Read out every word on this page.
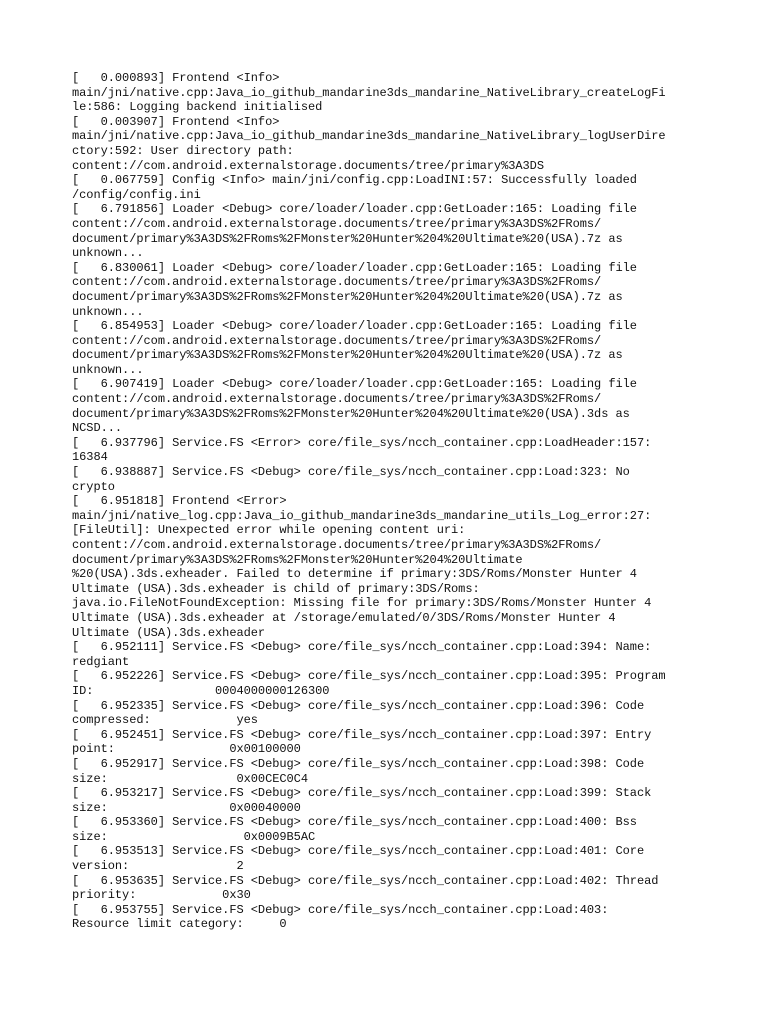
[   0.000893] Frontend <Info>
main/jni/native.cpp:Java_io_github_mandarine3ds_mandarine_NativeLibrary_createLogFi
le:586: Logging backend initialised
[   0.003907] Frontend <Info>
main/jni/native.cpp:Java_io_github_mandarine3ds_mandarine_NativeLibrary_logUserDire
ctory:592: User directory path:
content://com.android.externalstorage.documents/tree/primary%3A3DS
[   0.067759] Config <Info> main/jni/config.cpp:LoadINI:57: Successfully loaded
/config/config.ini
[   6.791856] Loader <Debug> core/loader/loader.cpp:GetLoader:165: Loading file
content://com.android.externalstorage.documents/tree/primary%3A3DS%2FRoms/
document/primary%3A3DS%2FRoms%2FMonster%20Hunter%204%20Ultimate%20(USA).7z as
unknown...
[   6.830061] Loader <Debug> core/loader/loader.cpp:GetLoader:165: Loading file
content://com.android.externalstorage.documents/tree/primary%3A3DS%2FRoms/
document/primary%3A3DS%2FRoms%2FMonster%20Hunter%204%20Ultimate%20(USA).7z as
unknown...
[   6.854953] Loader <Debug> core/loader/loader.cpp:GetLoader:165: Loading file
content://com.android.externalstorage.documents/tree/primary%3A3DS%2FRoms/
document/primary%3A3DS%2FRoms%2FMonster%20Hunter%204%20Ultimate%20(USA).7z as
unknown...
[   6.907419] Loader <Debug> core/loader/loader.cpp:GetLoader:165: Loading file
content://com.android.externalstorage.documents/tree/primary%3A3DS%2FRoms/
document/primary%3A3DS%2FRoms%2FMonster%20Hunter%204%20Ultimate%20(USA).3ds as
NCSD...
[   6.937796] Service.FS <Error> core/file_sys/ncch_container.cpp:LoadHeader:157:
16384
[   6.938887] Service.FS <Debug> core/file_sys/ncch_container.cpp:Load:323: No
crypto
[   6.951818] Frontend <Error>
main/jni/native_log.cpp:Java_io_github_mandarine3ds_mandarine_utils_Log_error:27:
[FileUtil]: Unexpected error while opening content uri:
content://com.android.externalstorage.documents/tree/primary%3A3DS%2FRoms/
document/primary%3A3DS%2FRoms%2FMonster%20Hunter%204%20Ultimate
%20(USA).3ds.exheader. Failed to determine if primary:3DS/Roms/Monster Hunter 4
Ultimate (USA).3ds.exheader is child of primary:3DS/Roms:
java.io.FileNotFoundException: Missing file for primary:3DS/Roms/Monster Hunter 4
Ultimate (USA).3ds.exheader at /storage/emulated/0/3DS/Roms/Monster Hunter 4
Ultimate (USA).3ds.exheader
[   6.952111] Service.FS <Debug> core/file_sys/ncch_container.cpp:Load:394: Name:
redgiant
[   6.952226] Service.FS <Debug> core/file_sys/ncch_container.cpp:Load:395: Program
ID:                 0004000000126300
[   6.952335] Service.FS <Debug> core/file_sys/ncch_container.cpp:Load:396: Code
compressed:            yes
[   6.952451] Service.FS <Debug> core/file_sys/ncch_container.cpp:Load:397: Entry
point:                0x00100000
[   6.952917] Service.FS <Debug> core/file_sys/ncch_container.cpp:Load:398: Code
size:                  0x00CEC0C4
[   6.953217] Service.FS <Debug> core/file_sys/ncch_container.cpp:Load:399: Stack
size:                 0x00040000
[   6.953360] Service.FS <Debug> core/file_sys/ncch_container.cpp:Load:400: Bss
size:                   0x0009B5AC
[   6.953513] Service.FS <Debug> core/file_sys/ncch_container.cpp:Load:401: Core
version:               2
[   6.953635] Service.FS <Debug> core/file_sys/ncch_container.cpp:Load:402: Thread
priority:            0x30
[   6.953755] Service.FS <Debug> core/file_sys/ncch_container.cpp:Load:403:
Resource limit category:     0
